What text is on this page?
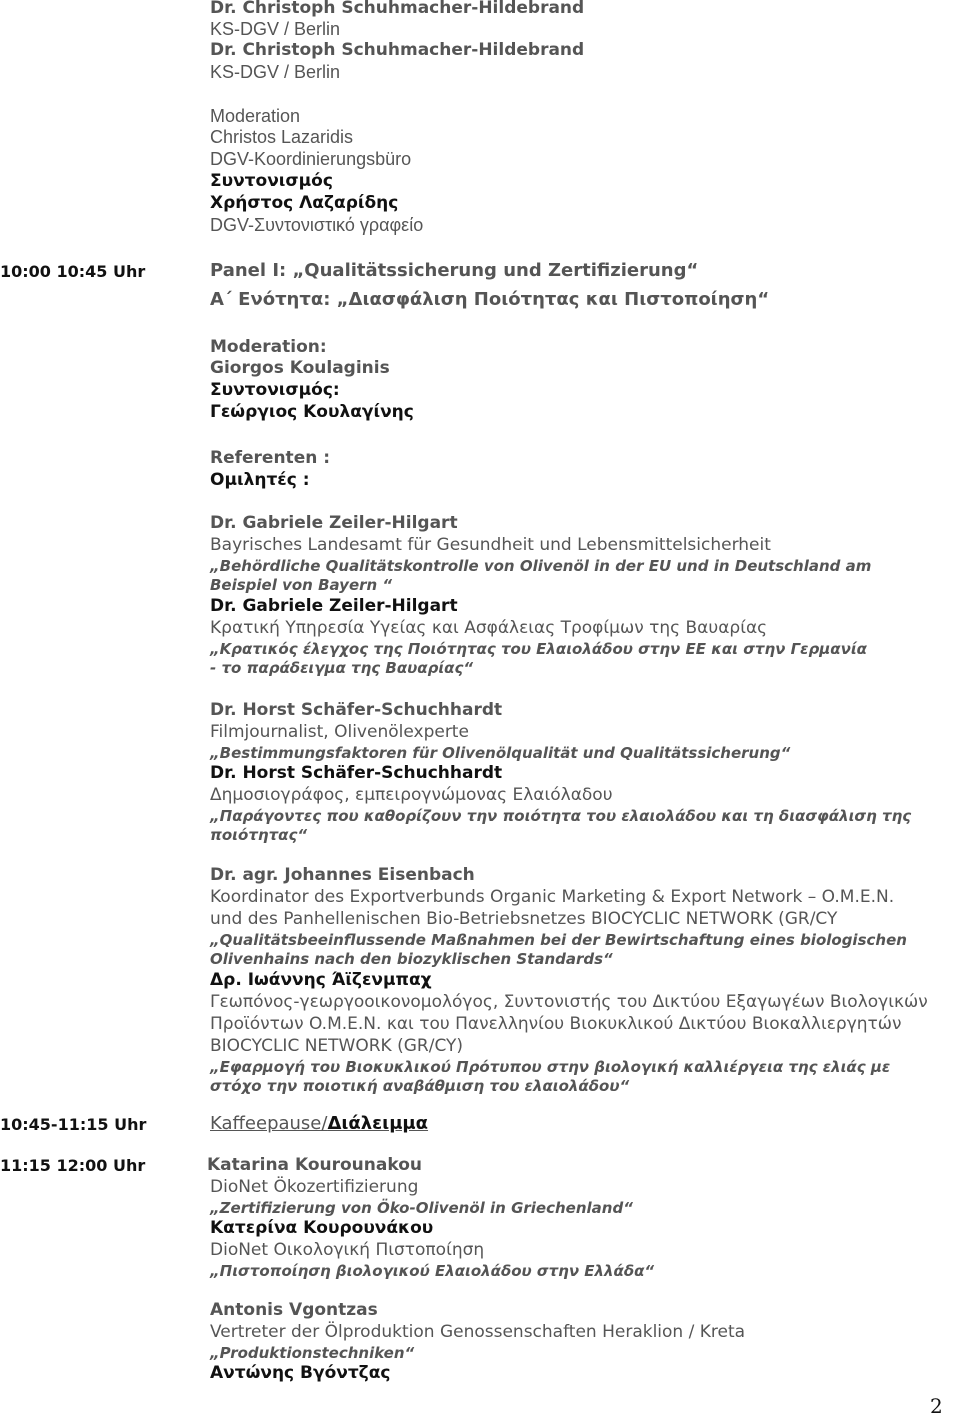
Dr. Christoph Schuhmacher-Hildebrand
KS-DGV / Berlin
Dr. Christoph Schuhmacher-Hildebrand
KS-DGV / Berlin
Moderation
Christos Lazaridis
DGV-Koordinierungsbüro
Συντονισμός
Χρήστος Λαζαρίδης
DGV-Συντονιστικό γραφείο
10:00 10:45 Uhr	Panel I: „Qualitätssicherung und Zertifizierung“
Α΄ Ενότητα: „Διασφάλιση Ποιότητας και Πιστοποίηση“
Moderation:
Giorgos Koulaginis
Συντονισμός:
Γεώργιος Κουλαγίνης
Referenten :
Ομιλητές :
Dr. Gabriele Zeiler-Hilgart
Bayrisches Landesamt für Gesundheit und Lebensmittelsicherheit
„Behördliche Qualitätskontrolle von Olivenöl in der EU und in Deutschland am
Beispiel von Bayern “
Dr. Gabriele Zeiler-Hilgart
Κρατική Υπηρεσία Υγείας και Ασφάλειας Τροφίμων της Βαυαρίας
„Κρατικός έλεγχος της Ποιότητας του Ελαιολάδου στην ΕΕ και στην Γερμανία
- το παράδειγμα της Βαυαρίας“
Dr. Horst Schäfer-Schuchhardt
Filmjournalist, Olivenölexperte
„Bestimmungsfaktoren für Olivenölqualität und Qualitätssicherung“
Dr. Horst Schäfer-Schuchhardt
Δημοσιογράφος, εμπειρογνώμονας Ελαιόλαδου
„Παράγοντες που καθορίζουν την ποιότητα του ελαιολάδου και τη διασφάλιση της
ποιότητας“
Dr. agr. Johannes Eisenbach
Koordinator des Exportverbunds Organic Marketing & Export Network – O.M.E.N.
und des Panhellenischen Bio-Betriebsnetzes BIOCYCLIC NETWORK (GR/CY
„Qualitätsbeeinflussende Maßnahmen bei der Bewirtschaftung eines biologischen
Olivenhains nach den biozyklischen Standards“
Δρ. Ιωάννης Άϊζενμπαχ
Γεωπόνος-γεωργοοικονομολόγος, Συντονιστής του Δικτύου Εξαγωγέων Βιολογικών
Προϊόντων O.M.E.N. και του Πανελληνίου Βιοκυκλικού Δικτύου Βιοκαλλιεργητών
BIOCYCLIC NETWORK (GR/CY)
„Εφαρμογή του Βιοκυκλικού Πρότυπου στην βιολογική καλλιέργεια της ελιάς με
στόχο την ποιοτική αναβάθμιση του ελαιολάδου“
10:45-11:15 Uhr	Kaffeepause/Διάλειμμα
11:15 12:00 Uhr	Katarina Kourounakou
DioNet Ökozertifizierung
„Zertifizierung von Öko-Olivenöl in Griechenland“
Κατερίνα Κουρουνάκου
DioNet Οικολογική Πιστοποίηση
„Πιστοποίηση βιολογικού Ελαιολάδου στην Ελλάδα“
Antonis Vgontzas
Vertreter der Ölproduktion Genossenschaften Heraklion / Kreta
„Produktionstechniken“
Αντώνης Βγόντζας
2
